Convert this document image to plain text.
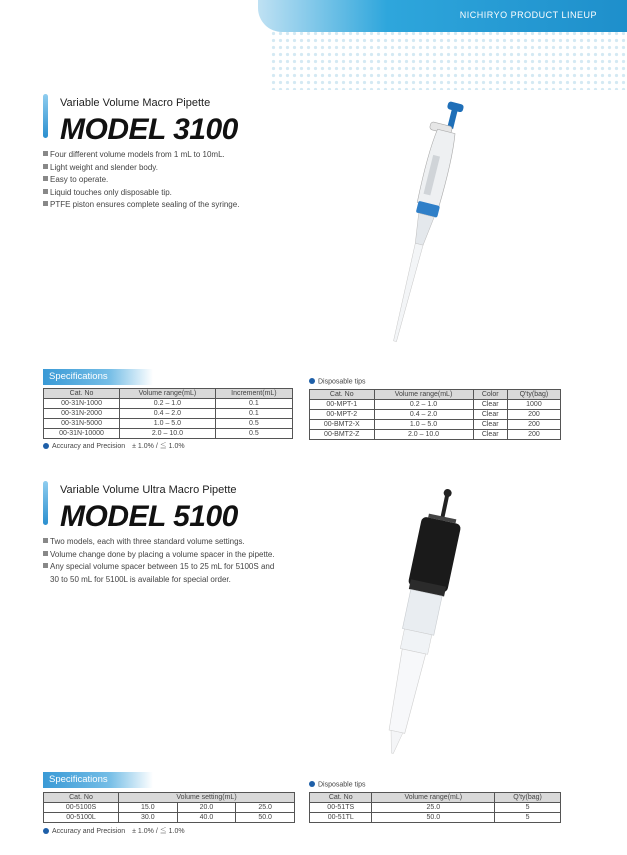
NICHIRYO PRODUCT LINEUP
Variable Volume Macro Pipette
MODEL 3100
Four different volume models from 1 mL to 10mL.
Light weight and slender body.
Easy to operate.
Liquid touches only disposable tip.
PTFE piston ensures complete sealing of the syringe.
Specifications
Cat. No	Volume range(mL)	Increment(mL)
00-31N-1000	0.2 – 1.0	0.1
00-31N-2000	0.4 – 2.0	0.1
00-31N-5000	1.0 – 5.0	0.5
00-31N-10000	2.0 – 10.0	0.5
Accuracy and Precision　± 1.0% / ≦ 1.0%
Disposable tips
Cat. No	Volume range(mL)	Color	Q'ty(bag)
00-MPT-1	0.2 – 1.0	Clear	1000
00-MPT-2	0.4 – 2.0	Clear	200
00-BMT2-X	1.0 – 5.0	Clear	200
00-BMT2-Z	2.0 – 10.0	Clear	200
Variable Volume Ultra Macro Pipette
MODEL 5100
Two models, each with three standard volume settings.
Volume change done by placing a volume spacer in the pipette.
Any special volume spacer between 15 to 25 mL for 5100S and
30 to 50 mL for 5100L is available for special order.
Specifications
Cat. No	Volume setting(mL)		
00-5100S	15.0	20.0	25.0
00-5100L	30.0	40.0	50.0
Accuracy and Precision　± 1.0% / ≦ 1.0%
Disposable tips
Cat. No	Volume range(mL)	Q'ty(bag)
00-51TS	25.0	5
00-51TL	50.0	5
